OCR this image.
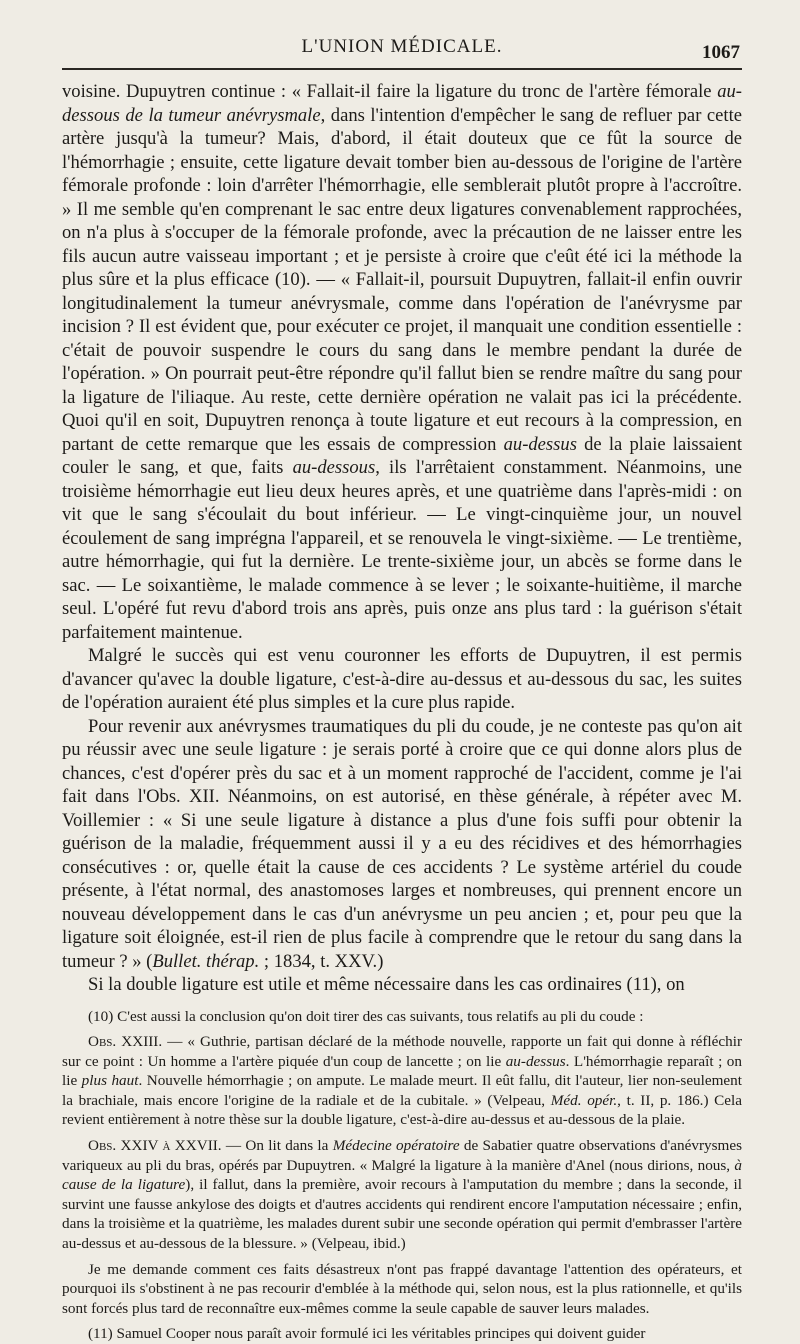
L'UNION MÉDICALE.	1067

voisine. Dupuytren continue : « Fallait-il faire la ligature du tronc de l'artère fémorale au-dessous de la tumeur anévrysmale, dans l'intention d'empêcher le sang de refluer par cette artère jusqu'à la tumeur? Mais, d'abord, il était douteux que ce fût la source de l'hémorrhagie ; ensuite, cette ligature devait tomber bien au-dessous de l'origine de l'artère fémorale profonde : loin d'arrêter l'hémorrhagie, elle semblerait plutôt propre à l'accroître. » Il me semble qu'en comprenant le sac entre deux ligatures convenablement rapprochées, on n'a plus à s'occuper de la fémorale profonde, avec la précaution de ne laisser entre les fils aucun autre vaisseau important ; et je persiste à croire que c'eût été ici la méthode la plus sûre et la plus efficace (10). — « Fallait-il, poursuit Dupuytren, fallait-il enfin ouvrir longitudinalement la tumeur anévrysmale, comme dans l'opération de l'anévrysme par incision ? Il est évident que, pour exécuter ce projet, il manquait une condition essentielle : c'était de pouvoir suspendre le cours du sang dans le membre pendant la durée de l'opération. » On pourrait peut-être répondre qu'il fallut bien se rendre maître du sang pour la ligature de l'iliaque. Au reste, cette dernière opération ne valait pas ici la précédente. Quoi qu'il en soit, Dupuytren renonça à toute ligature et eut recours à la compression, en partant de cette remarque que les essais de compression au-dessus de la plaie laissaient couler le sang, et que, faits au-dessous, ils l'arrêtaient constamment. Néanmoins, une troisième hémorrhagie eut lieu deux heures après, et une quatrième dans l'après-midi : on vit que le sang s'écoulait du bout inférieur. — Le vingt-cinquième jour, un nouvel écoulement de sang imprégna l'appareil, et se renouvela le vingt-sixième. — Le trentième, autre hémorrhagie, qui fut la dernière. Le trente-sixième jour, un abcès se forme dans le sac. — Le soixantième, le malade commence à se lever ; le soixante-huitième, il marche seul. L'opéré fut revu d'abord trois ans après, puis onze ans plus tard : la guérison s'était parfaitement maintenue.

Malgré le succès qui est venu couronner les efforts de Dupuytren, il est permis d'avancer qu'avec la double ligature, c'est-à-dire au-dessus et au-dessous du sac, les suites de l'opération auraient été plus simples et la cure plus rapide.

Pour revenir aux anévrysmes traumatiques du pli du coude, je ne conteste pas qu'on ait pu réussir avec une seule ligature : je serais porté à croire que ce qui donne alors plus de chances, c'est d'opérer près du sac et à un moment rapproché de l'accident, comme je l'ai fait dans l'Obs. XII. Néanmoins, on est autorisé, en thèse générale, à répéter avec M. Voillemier : « Si une seule ligature à distance a plus d'une fois suffi pour obtenir la guérison de la maladie, fréquemment aussi il y a eu des récidives et des hémorrhagies consécutives : or, quelle était la cause de ces accidents ? Le système artériel du coude présente, à l'état normal, des anastomoses larges et nombreuses, qui prennent encore un nouveau développement dans le cas d'un anévrysme un peu ancien ; et, pour peu que la ligature soit éloignée, est-il rien de plus facile à comprendre que le retour du sang dans la tumeur ? » (Bullet. thérap. ; 1834, t. XXV.)

Si la double ligature est utile et même nécessaire dans les cas ordinaires (11), on

(10) C'est aussi la conclusion qu'on doit tirer des cas suivants, tous relatifs au pli du coude :

Obs. XXIII. — « Guthrie, partisan déclaré de la méthode nouvelle, rapporte un fait qui donne à réfléchir sur ce point : Un homme a l'artère piquée d'un coup de lancette ; on lie au-dessus. L'hémorrhagie reparaît ; on lie plus haut. Nouvelle hémorrhagie ; on ampute. Le malade meurt. Il eût fallu, dit l'auteur, lier non-seulement la brachiale, mais encore l'origine de la radiale et de la cubitale. » (Velpeau, Méd. opér., t. II, p. 186.) Cela revient entièrement à notre thèse sur la double ligature, c'est-à-dire au-dessus et au-dessous de la plaie.

Obs. XXIV à XXVII. — On lit dans la Médecine opératoire de Sabatier quatre observations d'anévrysmes variqueux au pli du bras, opérés par Dupuytren. « Malgré la ligature à la manière d'Anel (nous dirions, nous, à cause de la ligature), il fallut, dans la première, avoir recours à l'amputation du membre ; dans la seconde, il survint une fausse ankylose des doigts et d'autres accidents qui rendirent encore l'amputation nécessaire ; enfin, dans la troisième et la quatrième, les malades durent subir une seconde opération qui permit d'embrasser l'artère au-dessus et au-dessous de la blessure. » (Velpeau, ibid.)

Je me demande comment ces faits désastreux n'ont pas frappé davantage l'attention des opérateurs, et pourquoi ils s'obstinent à ne pas recourir d'emblée à la méthode qui, selon nous, est la plus rationnelle, et qu'ils sont forcés plus tard de reconnaître eux-mêmes comme la seule capable de sauver leurs malades.

(11) Samuel Cooper nous paraît avoir formulé ici les véritables principes qui doivent guider
